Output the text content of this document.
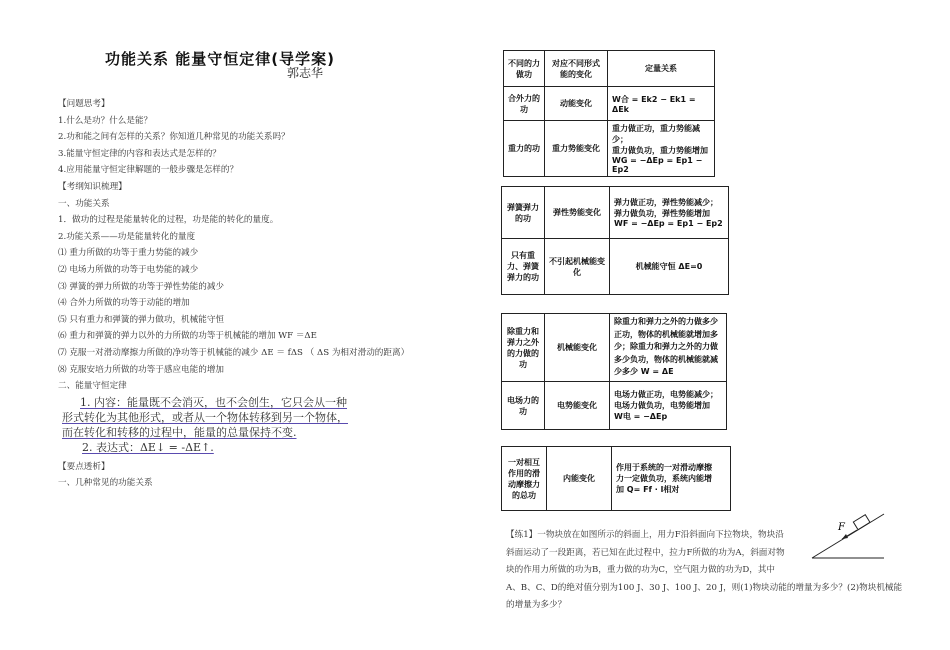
功能关系 能量守恒定律(导学案)
郭志华
【问题思考】
1.什么是功？什么是能？
2.功和能之间有怎样的关系？你知道几种常见的功能关系吗？
3.能量守恒定律的内容和表达式是怎样的？
4.应用能量守恒定律解题的一般步骤是怎样的？
【考纲知识梳理】
一、功能关系
1．做功的过程是能量转化的过程，功是能的转化的量度。
2.功能关系——功是能量转化的量度
⑴ 重力所做的功等于重力势能的减少
⑵ 电场力所做的功等于电势能的减少
⑶ 弹簧的弹力所做的功等于弹性势能的减少
⑷ 合外力所做的功等于动能的增加
⑸ 只有重力和弹簧的弹力做功，机械能守恒
⑹ 重力和弹簧的弹力以外的力所做的功等于机械能的增加 WF ＝ΔE
⑺ 克服一对滑动摩擦力所做的净功等于机械能的减少 ΔE ＝ fΔS （ ΔS 为相对滑动的距离）
⑻ 克服安培力所做的功等于感应电能的增加
二、能量守恒定律
1. 内容：能量既不会消灭，也不会创生，它只会从一种
形式转化为其他形式，或者从一个物体转移到另一个物体，
而在转化和转移的过程中，能量的总量保持不变.
2. 表达式：ΔE↓ = -ΔE↑.
【要点透析】
一、几种常见的功能关系
不同的力做功	对应不同形式能的变化	定量关系
合外力的功	动能变化	W合 = Ek2 − Ek1 = ΔEk
重力的功	重力势能变化	重力做正功，重力势能减少；
重力做负功，重力势能增加
WG = −ΔEp = Ep1 − Ep2
弹簧弹力的功	弹性势能变化	弹力做正功，弹性势能减少；
弹力做负功，弹性势能增加
WF = −ΔEp = Ep1 − Ep2

只有重力、弹簧弹力的功	不引起机械能变化	机械能守恒 ΔE=0
除重力和弹力之外的力做的功	机械能变化	除重力和弹力之外的力做多少正功，物体的机械能就增加多少；除重力和弹力之外的力做多少负功，物体的机械能就减少多少 W = ΔE
电场力的功	电势能变化	电场力做正功，电势能减少；
电场力做负功，电势能增加
W电 = −ΔEp
一对相互作用的滑动摩擦力的总功	内能变化	
作用于系统的一对滑动摩擦
力一定做负功，系统内能增
加 Q= Ff · l相对
【练1】一物块放在如图所示的斜面上，用力F沿斜面向下拉物块，物块沿
斜面运动了一段距离，若已知在此过程中，拉力F所做的功为A，斜面对物
块的作用力所做的功为B，重力做的功为C，空气阻力做的功为D，其中
A、B、C、D的绝对值分别为100 J、30 J、100 J、20 J，则(1)物块动能的增量为多少？(2)物块机械能
的增量为多少？
F
